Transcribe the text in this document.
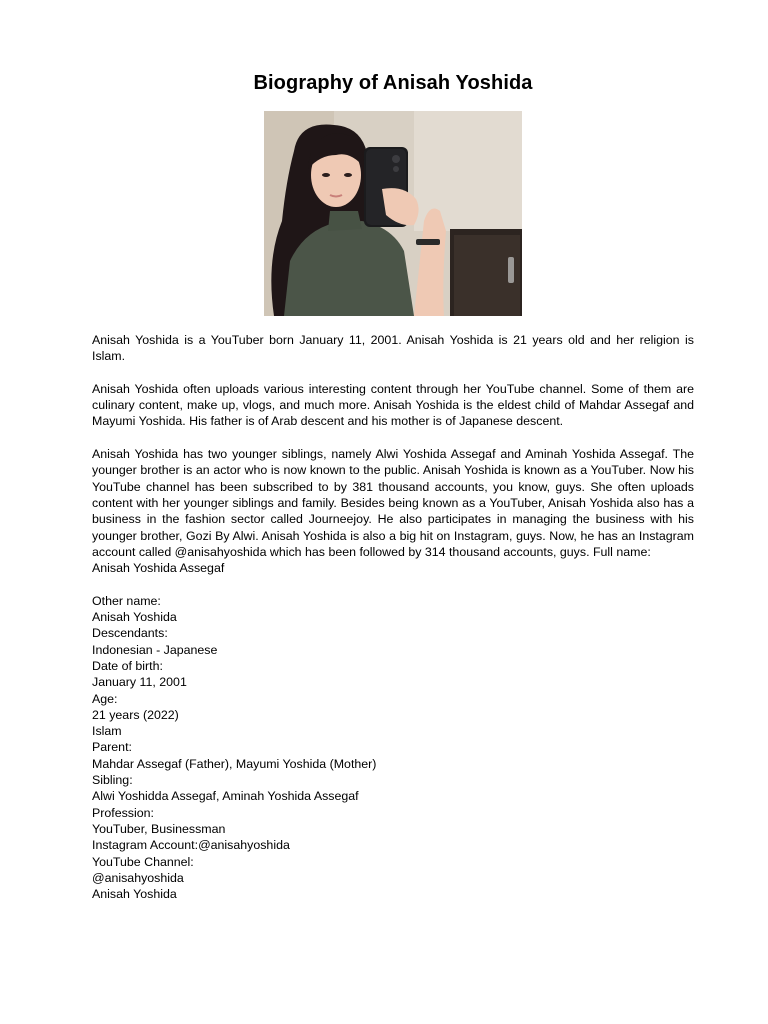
Biography of Anisah Yoshida

Anisah Yoshida is a YouTuber born January 11, 2001. Anisah Yoshida is 21 years old and her religion is Islam.

Anisah Yoshida often uploads various interesting content through her YouTube channel. Some of them are culinary content, make up, vlogs, and much more. Anisah Yoshida is the eldest child of Mahdar Assegaf and Mayumi Yoshida. His father is of Arab descent and his mother is of Japanese descent.

Anisah Yoshida has two younger siblings, namely Alwi Yoshida Assegaf and Aminah Yoshida Assegaf. The younger brother is an actor who is now known to the public. Anisah Yoshida is known as a YouTuber. Now his YouTube channel has been subscribed to by 381 thousand accounts, you know, guys. She often uploads content with her younger siblings and family. Besides being known as a YouTuber, Anisah Yoshida also has a business in the fashion sector called Journeejoy. He also participates in managing the business with his younger brother, Gozi By Alwi. Anisah Yoshida is also a big hit on Instagram, guys. Now, he has an Instagram account called @anisahyoshida which has been followed by 314 thousand accounts, guys. Full name:

Anisah Yoshida Assegaf
Other name:
Anisah Yoshida
Descendants:
Indonesian - Japanese
Date of birth:
January 11, 2001
Age:
21 years (2022)
Islam
Parent:
Mahdar Assegaf (Father), Mayumi Yoshida (Mother)
Sibling:
Alwi Yoshidda Assegaf, Aminah Yoshida Assegaf
Profession:
YouTuber, Businessman
Instagram Account:@anisahyoshida
YouTube Channel:
@anisahyoshida
Anisah Yoshida
